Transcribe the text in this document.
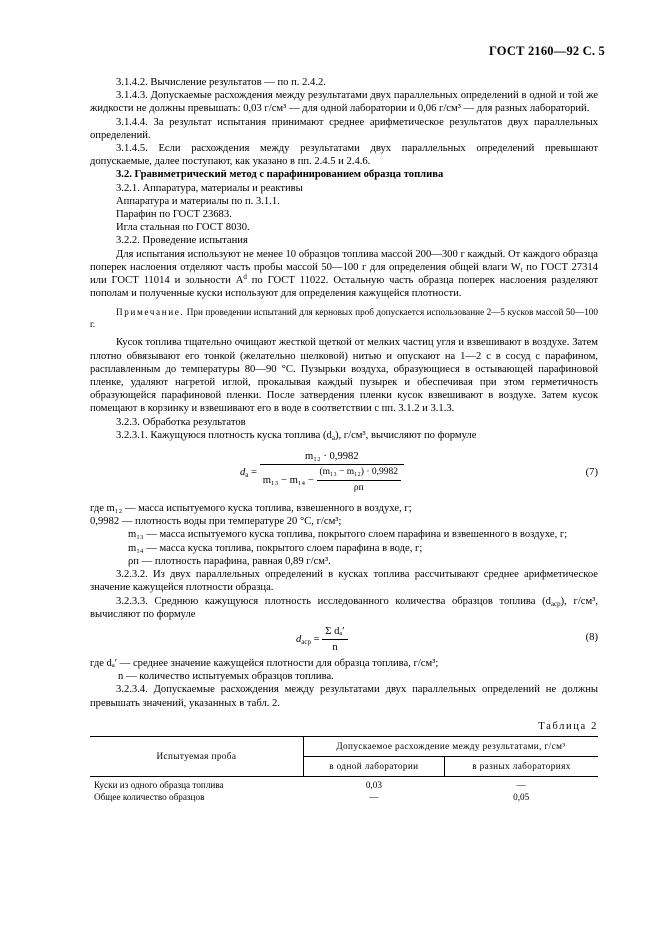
ГОСТ 2160—92 С. 5

3.1.4.2. Вычисление результатов — по п. 2.4.2.

3.1.4.3. Допускаемые расхождения между результатами двух параллельных определений в одной и той же жидкости не должны превышать: 0,03 г/см³ — для одной лаборатории и 0,06 г/см³ — для разных лабораторий.

3.1.4.4. За результат испытания принимают среднее арифметическое результатов двух параллельных определений.

3.1.4.5. Если расхождения между результатами двух параллельных определений превышают допускаемые, далее поступают, как указано в пп. 2.4.5 и 2.4.6.

3.2. Гравиметрический метод с парафинированием образца топлива

3.2.1. Аппаратура, материалы и реактивы

Аппаратура и материалы по п. 3.1.1.

Парафин по ГОСТ 23683.

Игла стальная по ГОСТ 8030.

3.2.2. Проведение испытания

Для испытания используют не менее 10 образцов топлива массой 200—300 г каждый. От каждого образца поперек наслоения отделяют часть пробы массой 50—100 г для определения общей влаги $W_t$ по ГОСТ 27314 или ГОСТ 11014 и зольности $A^d$ по ГОСТ 11022. Остальную часть образца поперек наслоения разделяют пополам и полученные куски используют для определения кажущейся плотности.

Примечание. При проведении испытаний для керновых проб допускается использование 2—5 кусков массой 50—100 г.

Кусок топлива тщательно очищают жесткой щеткой от мелких частиц угля и взвешивают в воздухе. Затем плотно обвязывают его тонкой (желательно шелковой) нитью и опускают на 1—2 с в сосуд с парафином, расплавленным до температуры 80—90 °С. Пузырьки воздуха, образующиеся в остывающей парафиновой пленке, удаляют нагретой иглой, прокалывая каждый пузырек и обеспечивая при этом герметичность образующейся парафиновой пленки. После затвердения пленки кусок взвешивают в воздухе. Затем кусок помещают в корзинку и взвешивают его в воде в соответствии с пп. 3.1.2 и 3.1.3.

3.2.3. Обработка результатов

3.2.3.1. Кажущуюся плотность куска топлива $(d_a)$, г/см³, вычисляют по формуле

$d_a$ =
m₁₂ · 0,9982
$m_{13} - m_{14} - \frac{\text{(m₁₃ − m₁₂) · 0,9982}}{\rho п}$	(7)

где m₁₂ — масса испытуемого куска топлива, взвешенного в воздухе, г;

0,9982 — плотность воды при температуре 20 °С, г/см³;

m₁₃ — масса испытуемого куска топлива, покрытого слоем парафина и взвешенного в воздухе, г;

m₁₄ — масса куска топлива, покрытого слоем парафина в воде, г;

ρп — плотность парафина, равная 0,89 г/см³.

3.2.3.2. Из двух параллельных определений в кусках топлива рассчитывают среднее арифметическое значение кажущейся плотности образца.

3.2.3.3. Среднюю кажущуюся плотность исследованного количества образцов топлива $(d_{acp})$, г/см³, вычисляют по формуле

$d_{acp} = \frac{\text{Σ dₐ′}}{n}$	(8)

где dₐ′ — среднее значение кажущейся плотности для образца топлива, г/см³;

n — количество испытуемых образцов топлива.

3.2.3.4. Допускаемые расхождения между результатами двух параллельных определений не должны превышать значений, указанных в табл. 2.

Таблица 2

Испытуемая проба	Допускаемое расхождение между результатами, г/см³	
	в одной лаборатории	в разных лабораториях
Куски из одного образца топлива	0,03	—
Общее количество образцов	—	0,05
